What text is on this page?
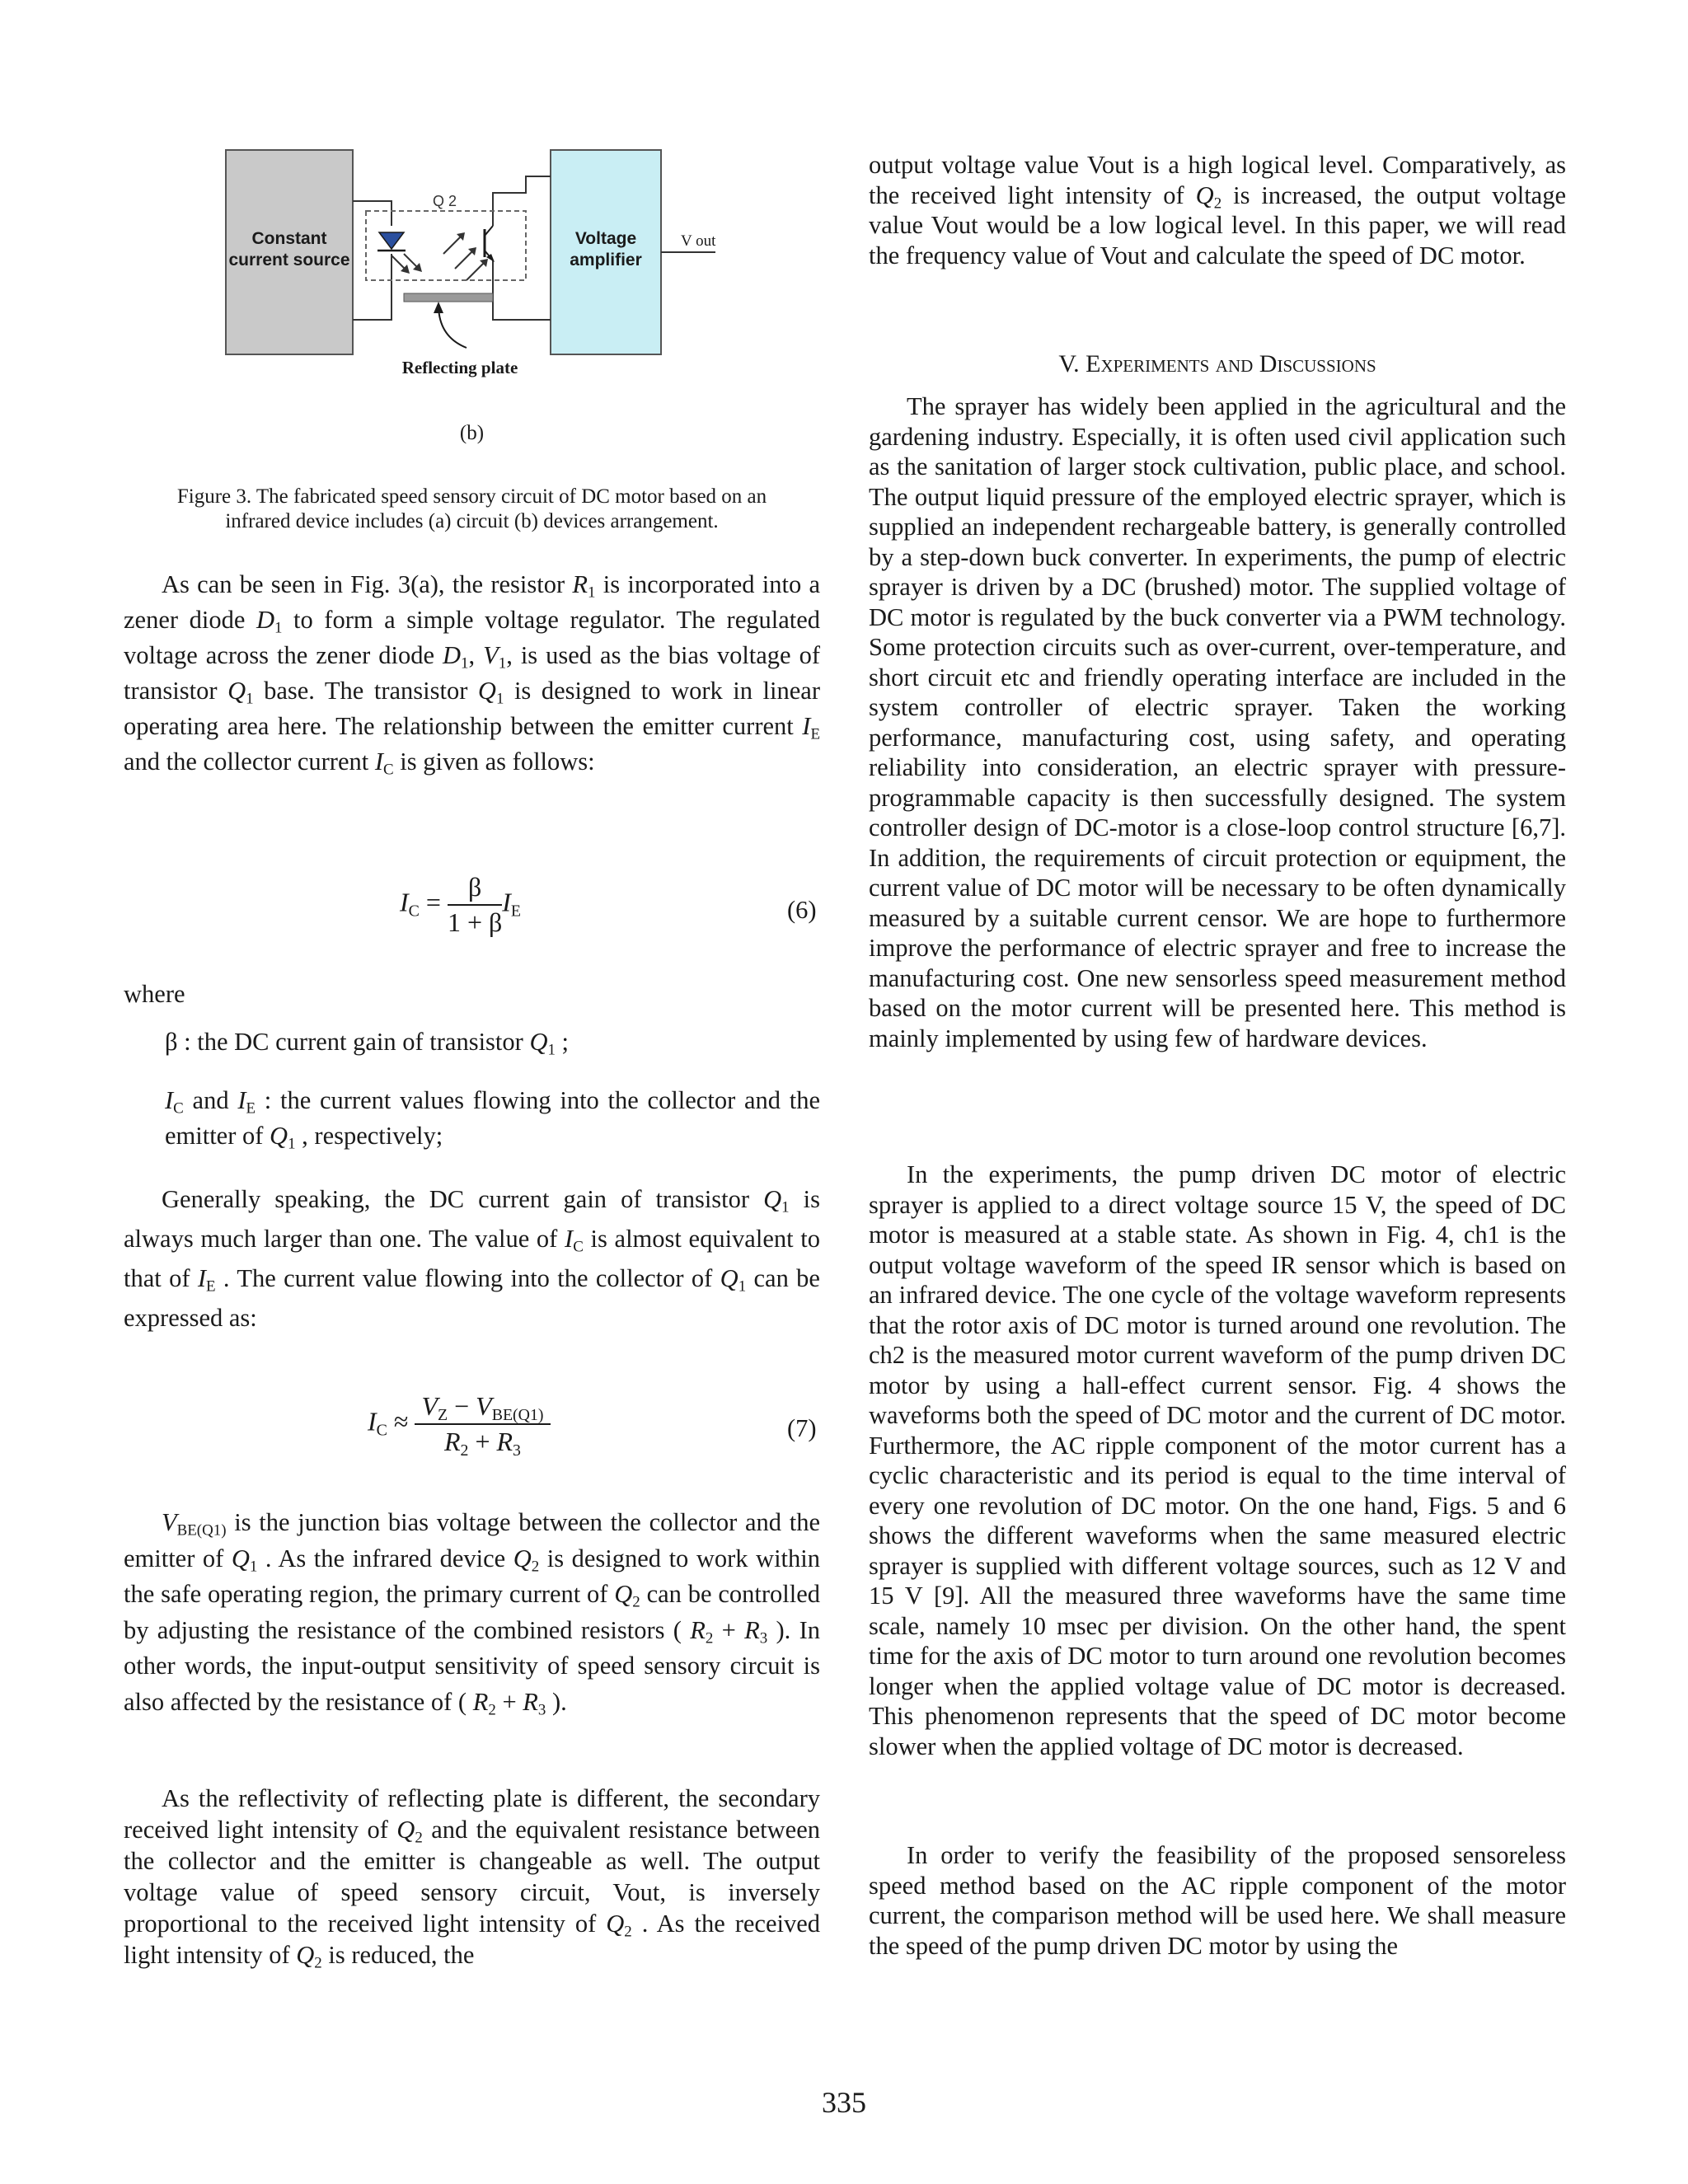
Constant
current source
Voltage
amplifier
Q 2
Reflecting plate
V out
(b)
Figure 3. The fabricated speed sensory circuit of DC motor based on an
infrared device includes (a) circuit (b) devices arrangement.

As can be seen in Fig. 3(a), the resistor $R_1$ is incorporated into a zener diode $D_1$ to form a simple voltage regulator. The regulated voltage across the zener diode $D_1$, $V_1$, is used as the bias voltage of transistor $Q_1$ base. The transistor $Q_1$ is designed to work in linear operating area here. The relationship between the emitter current $I_E$ and the collector current $I_C$ is given as follows:

$I_C = \frac{\beta}{1 + \beta} I_E$	(6)

where

β : the DC current gain of transistor $Q_1$ ;

$I_C$ and $I_E$ : the current values flowing into the collector and the emitter of $Q_1$ , respectively;

Generally speaking, the DC current gain of transistor $Q_1$ is always much larger than one. The value of $I_C$ is almost equivalent to that of $I_E$ . The current value flowing into the collector of $Q_1$ can be expressed as:

$I_C \approx \frac{V_Z - V_{BE(Q1)}}{R_2 + R_3}$	(7)

$V_{BE(Q1)}$ is the junction bias voltage between the collector and the emitter of $Q_1$ . As the infrared device $Q_2$ is designed to work within the safe operating region, the primary current of $Q_2$ can be controlled by adjusting the resistance of the combined resistors ( $R_2 + R_3$ ). In other words, the input-output sensitivity of speed sensory circuit is also affected by the resistance of ( $R_2 + R_3$ ).

As the reflectivity of reflecting plate is different, the secondary received light intensity of $Q_2$ and the equivalent resistance between the collector and the emitter is changeable as well. The output voltage value of speed sensory circuit, Vout, is inversely proportional to the received light intensity of $Q_2$ . As the received light intensity of $Q_2$ is reduced, the

output voltage value Vout is a high logical level. Comparatively, as the received light intensity of $Q_2$ is increased, the output voltage value Vout would be a low logical level. In this paper, we will read the frequency value of Vout and calculate the speed of DC motor.

V. Experiments and Discussions

The sprayer has widely been applied in the agricultural and the gardening industry. Especially, it is often used civil application such as the sanitation of larger stock cultivation, public place, and school. The output liquid pressure of the employed electric sprayer, which is supplied an independent rechargeable battery, is generally controlled by a step-down buck converter. In experiments, the pump of electric sprayer is driven by a DC (brushed) motor. The supplied voltage of DC motor is regulated by the buck converter via a PWM technology. Some protection circuits such as over-current, over-temperature, and short circuit etc and friendly operating interface are included in the system controller of electric sprayer. Taken the working performance, manufacturing cost, using safety, and operating reliability into consideration, an electric sprayer with pressure- programmable capacity is then successfully designed. The system controller design of DC-motor is a close-loop control structure [6,7]. In addition, the requirements of circuit protection or equipment, the current value of DC motor will be necessary to be often dynamically measured by a suitable current censor. We are hope to furthermore improve the performance of electric sprayer and free to increase the manufacturing cost. One new sensorless speed measurement method based on the motor current will be presented here. This method is mainly implemented by using few of hardware devices.

In the experiments, the pump driven DC motor of electric sprayer is applied to a direct voltage source 15 V, the speed of DC motor is measured at a stable state. As shown in Fig. 4, ch1 is the output voltage waveform of the speed IR sensor which is based on an infrared device. The one cycle of the voltage waveform represents that the rotor axis of DC motor is turned around one revolution. The ch2 is the measured motor current waveform of the pump driven DC motor by using a hall-effect current sensor. Fig. 4 shows the waveforms both the speed of DC motor and the current of DC motor. Furthermore, the AC ripple component of the motor current has a cyclic characteristic and its period is equal to the time interval of every one revolution of DC motor. On the one hand, Figs. 5 and 6 shows the different waveforms when the same measured electric sprayer is supplied with different voltage sources, such as 12 V and 15 V [9]. All the measured three waveforms have the same time scale, namely 10 msec per division. On the other hand, the spent time for the axis of DC motor to turn around one revolution becomes longer when the applied voltage value of DC motor is decreased. This phenomenon represents that the speed of DC motor become slower when the applied voltage of DC motor is decreased.

In order to verify the feasibility of the proposed sensoreless speed method based on the AC ripple component of the motor current, the comparison method will be used here. We shall measure the speed of the pump driven DC motor by using the

335
